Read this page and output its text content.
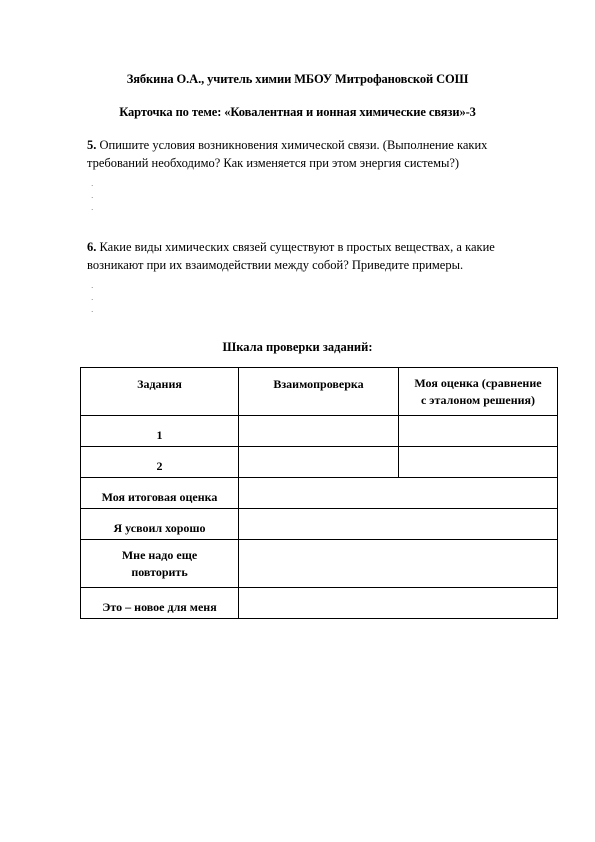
Зябкина О.А., учитель химии МБОУ Митрофановской СОШ
Карточка по теме: «Ковалентная и ионная химические связи»-3
5. Опишите условия возникновения химической связи. (Выполнение каких
требований необходимо? Как изменяется при этом энергия системы?)
·
·
·
6. Какие виды химических связей существуют в простых веществах, а какие
возникают при их взаимодействии между собой? Приведите примеры.
·
·
·
Шкала проверки заданий:
Задания	Взаимопроверка	Моя оценка (сравнение
с эталоном решения)

1		
2		
Моя итоговая оценка		
Я усвоил хорошо		

Мне надо еще
повторить		

Это – новое для меня		
